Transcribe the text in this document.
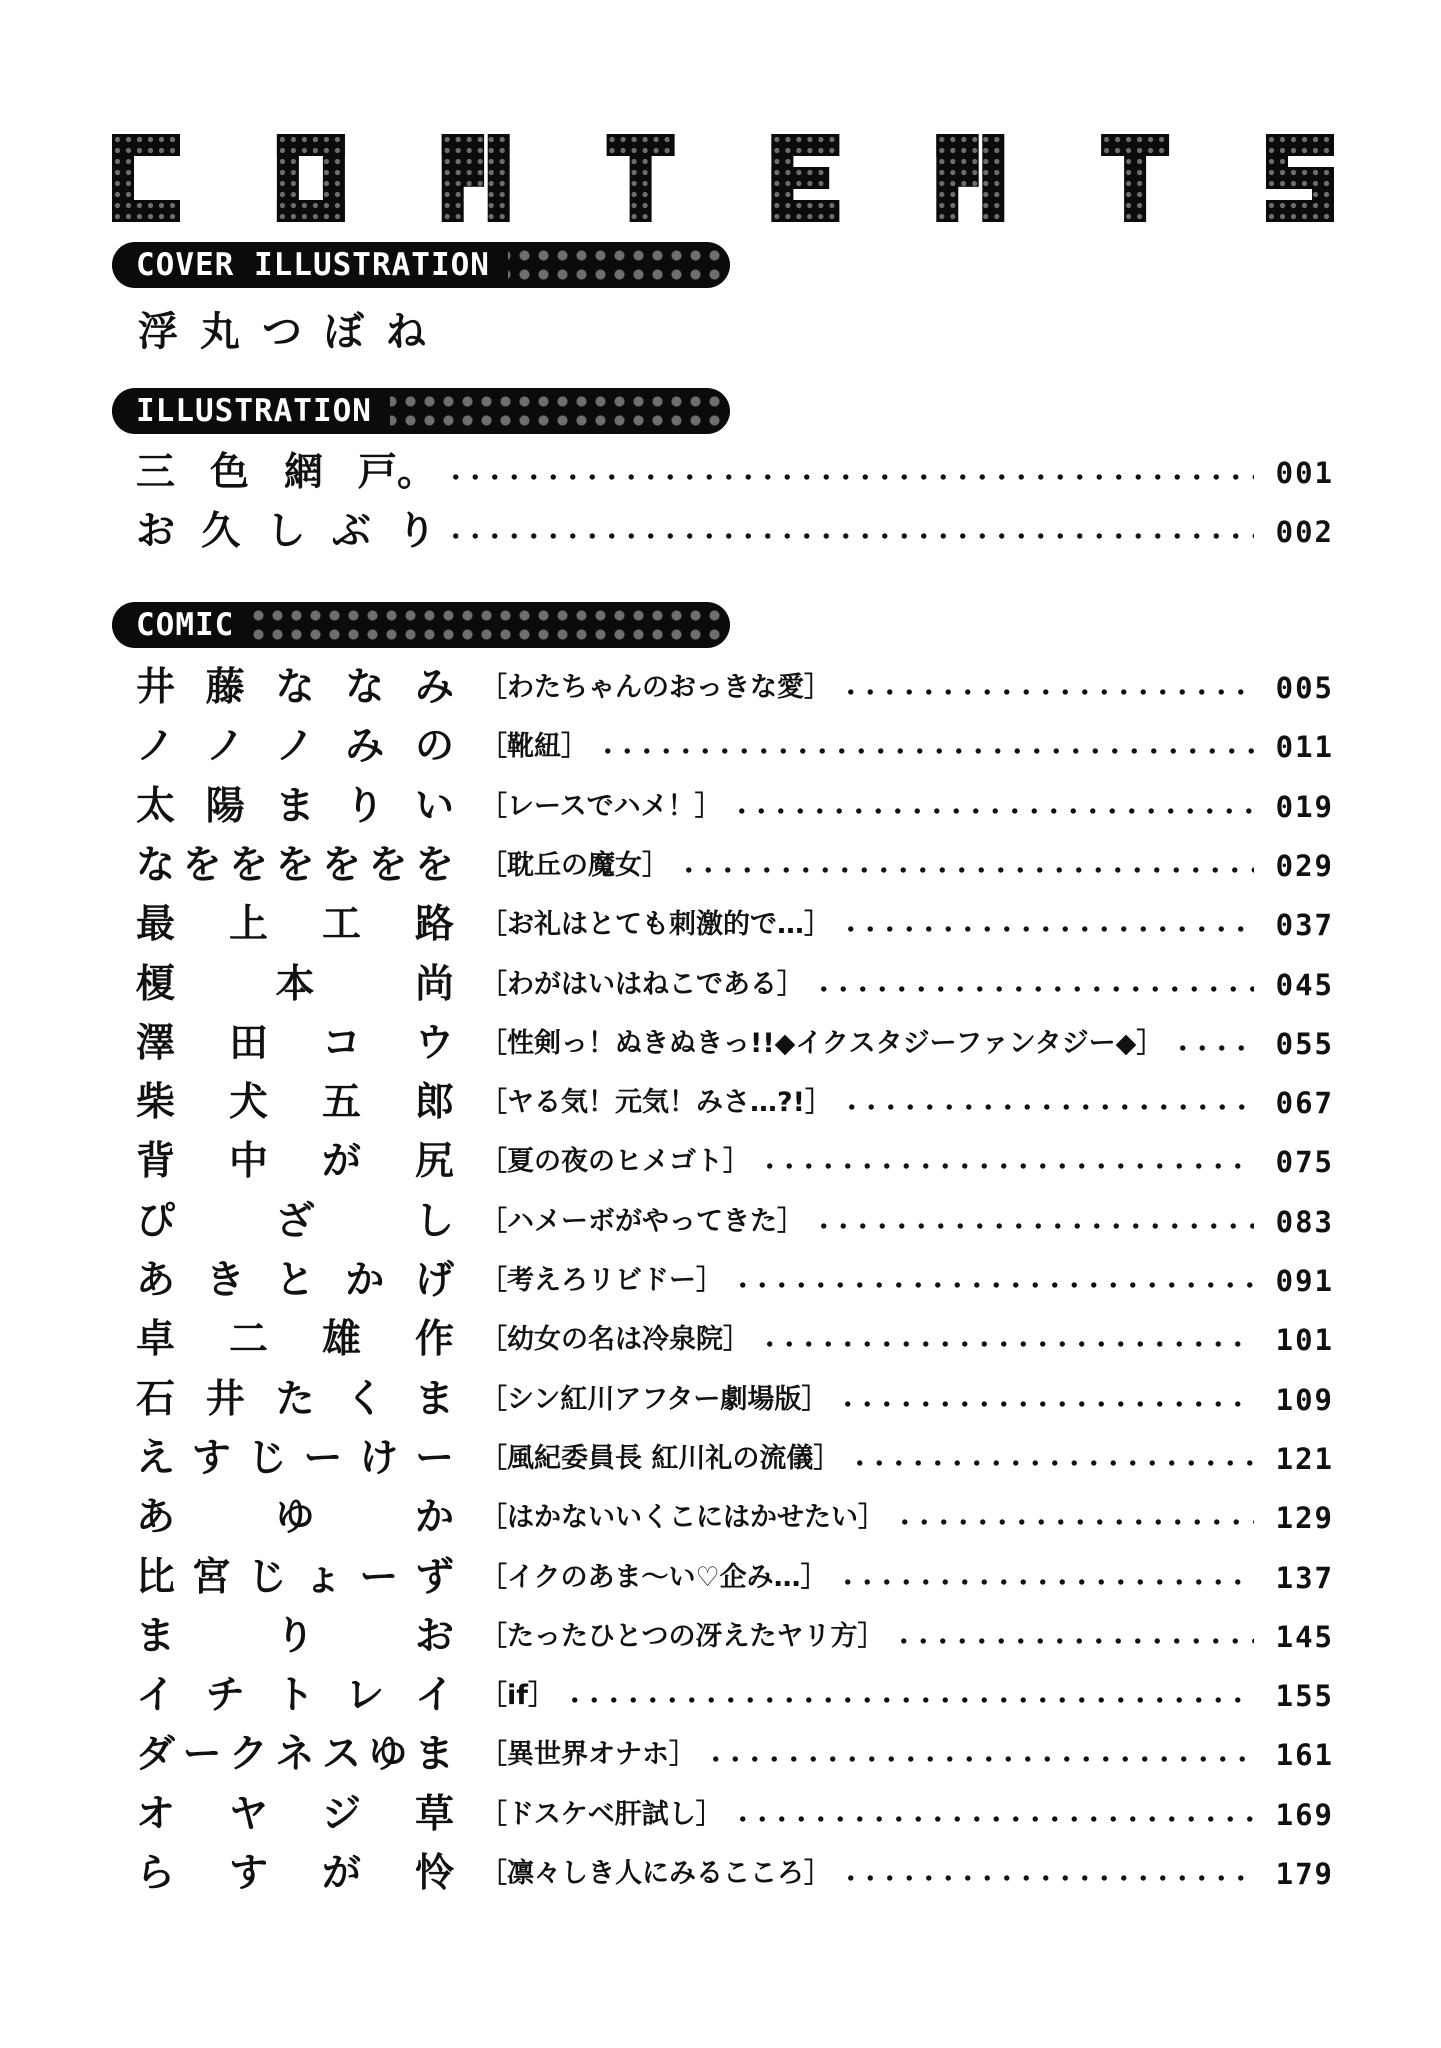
COVER ILLUSTRATION
浮丸つぼね
ILLUSTRATION
三 色 網 戸。	001
お 久 し ぶ り	002
COMIC
井 藤 な な み ［わたちゃんのおっきな愛］	005
ノ ノ ノ み の ［靴紐］	011
太 陽 ま り い ［レースでハメ！］	019
な を を を を を を ［耽丘の魔女］	029
最 上 工 路 ［お礼はとても刺激的で…］	037
榎	本	尚 ［わがはいはねこである］	045
澤 田 コ ウ ［性剣っ！ぬきぬきっ!!◆イクスタジーファンタジー◆］	055
柴 犬 五 郎 ［ヤる気！元気！みさ…?!］	067
背 中 が 尻 ［夏の夜のヒメゴト］	075
ぴ	ざ	し ［ハメーボがやってきた］	083
あ き と か げ ［考えろリビドー］	091
卓 二 雄 作 ［幼女の名は冷泉院］	101
石 井 た く ま ［シン紅川アフター劇場版］	109
え す じ ー け ー ［風紀委員長 紅川礼の流儀］	121
あ	ゆ	か ［はかないいくこにはかせたい］	129
比 宮 じ ょ ー ず ［イクのあま～い♡企み…］	137
ま	り	お ［たったひとつの冴えたヤリ方］	145
イ チ ト レ イ ［if］	155
ダ ー ク ネ ス ゆ ま ［異世界オナホ］	161
オ ヤ ジ 草 ［ドスケベ肝試し］	169
ら す が 怜 ［凛々しき人にみるこころ］	179
